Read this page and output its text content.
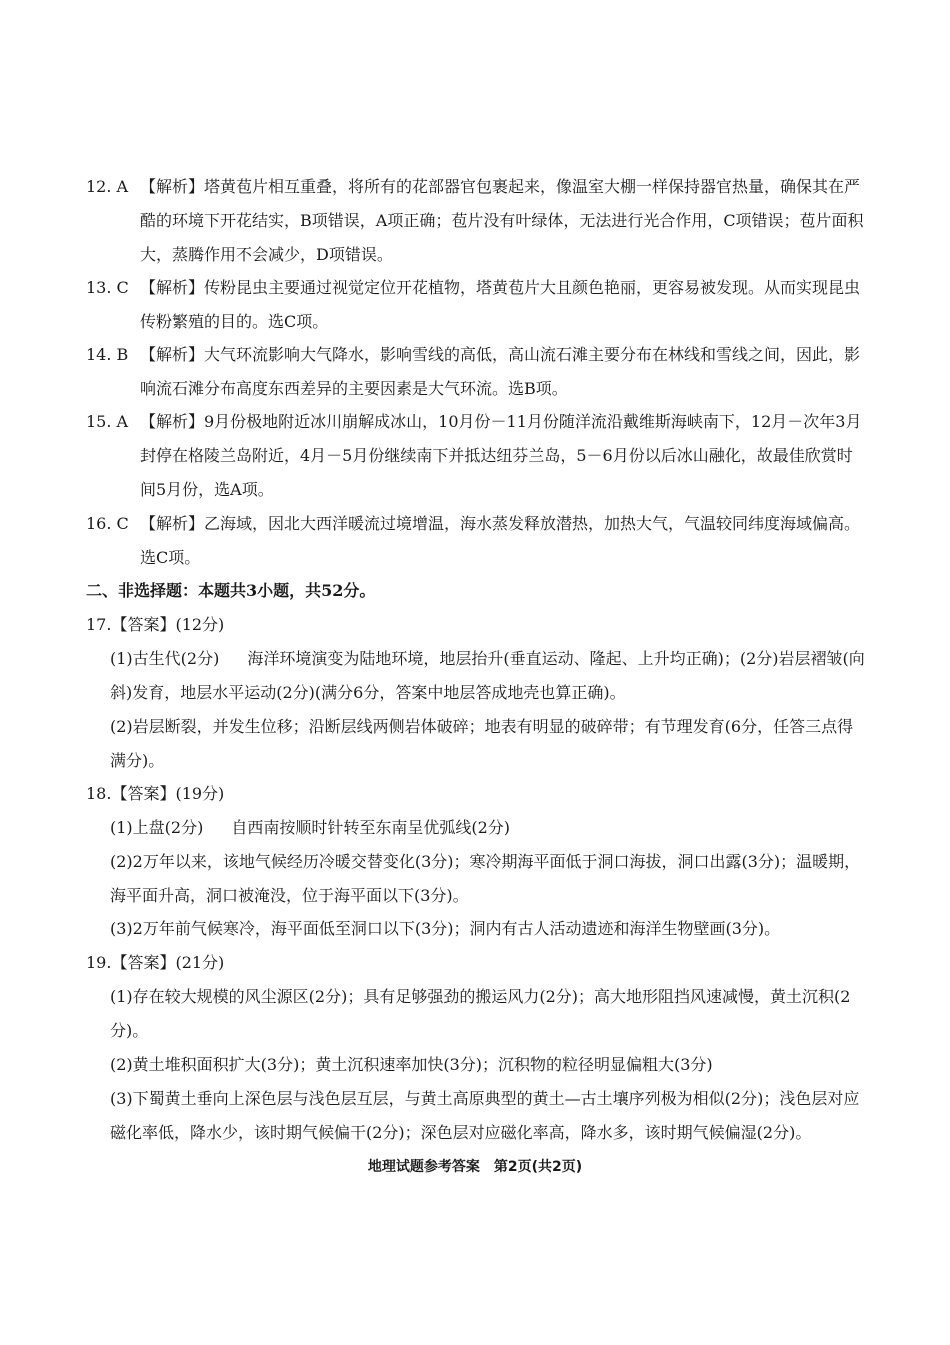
12. A 【解析】塔黄苞片相互重叠，将所有的花部器官包裹起来，像温室大棚一样保持器官热量，确保其在严酷的环境下开花结实，B项错误，A项正确；苞片没有叶绿体，无法进行光合作用，C项错误；苞片面积大，蒸腾作用不会减少，D项错误。
13. C 【解析】传粉昆虫主要通过视觉定位开花植物，塔黄苞片大且颜色艳丽，更容易被发现。从而实现昆虫传粉繁殖的目的。选C项。
14. B 【解析】大气环流影响大气降水，影响雪线的高低，高山流石滩主要分布在林线和雪线之间，因此，影响流石滩分布高度东西差异的主要因素是大气环流。选B项。
15. A 【解析】9月份极地附近冰川崩解成冰山，10月份－11月份随洋流沿戴维斯海峡南下，12月－次年3月封停在格陵兰岛附近，4月－5月份继续南下并抵达纽芬兰岛，5－6月份以后冰山融化，故最佳欣赏时间5月份，选A项。
16. C 【解析】乙海域，因北大西洋暖流过境增温，海水蒸发释放潜热，加热大气，气温较同纬度海域偏高。选C项。
二、非选择题：本题共3小题，共52分。
17.【答案】(12分)
(1)古生代(2分) 海洋环境演变为陆地环境，地层抬升(垂直运动、隆起、上升均正确)；(2分)岩层褶皱(向斜)发育，地层水平运动(2分)(满分6分，答案中地层答成地壳也算正确)。
(2)岩层断裂，并发生位移；沿断层线两侧岩体破碎；地表有明显的破碎带；有节理发育(6分，任答三点得满分)。
18.【答案】(19分)
(1)上盘(2分) 自西南按顺时针转至东南呈优弧线(2分)
(2)2万年以来，该地气候经历冷暖交替变化(3分)；寒冷期海平面低于洞口海拔，洞口出露(3分)；温暖期，海平面升高，洞口被淹没，位于海平面以下(3分)。
(3)2万年前气候寒冷，海平面低至洞口以下(3分)；洞内有古人活动遗迹和海洋生物壁画(3分)。
19.【答案】(21分)
(1)存在较大规模的风尘源区(2分)；具有足够强劲的搬运风力(2分)；高大地形阻挡风速减慢，黄土沉积(2分)。
(2)黄土堆积面积扩大(3分)；黄土沉积速率加快(3分)；沉积物的粒径明显偏粗大(3分)
(3)下蜀黄土垂向上深色层与浅色层互层，与黄土高原典型的黄土—古土壤序列极为相似(2分)；浅色层对应磁化率低，降水少，该时期气候偏干(2分)；深色层对应磁化率高，降水多，该时期气候偏湿(2分)。
地理试题参考答案　第2页(共2页)
